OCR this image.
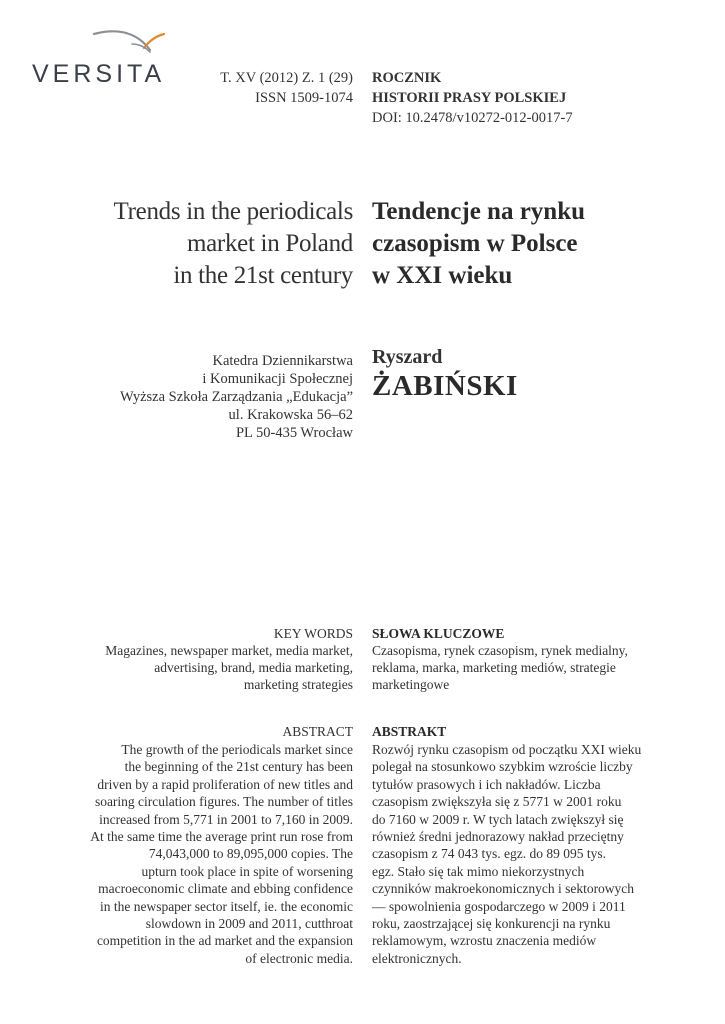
VERSITA	T. XV (2012) Z. 1 (29)
ISSN 1509-1074
ROCZNIK
HISTORII PRASY POLSKIEJ
DOI: 10.2478/v10272-012-0017-7
Trends in the periodicals
market in Poland
in the 21st century
Tendencje na rynku
czasopism w Polsce
w XXI wieku
Katedra Dziennikarstwa
i Komunikacji Społecznej
Wyższa Szkoła Zarządzania „Edukacja”
ul. Krakowska 56–62
PL 50-435 Wrocław
Ryszard
ŻABIŃSKI
KEY WORDS
Magazines, newspaper market, media market,
advertising, brand, media marketing,
marketing strategies
SŁOWA KLUCZOWE
Czasopisma, rynek czasopism, rynek medialny,
reklama, marka, marketing mediów, strategie
marketingowe
ABSTRACT
The growth of the periodicals market since
the beginning of the 21st century has been
driven by a rapid proliferation of new titles and
soaring circulation figures. The number of titles
increased from 5,771 in 2001 to 7,160 in 2009.
At the same time the average print run rose from
74,043,000 to 89,095,000 copies. The
upturn took place in spite of worsening
macroeconomic climate and ebbing confidence
in the newspaper sector itself, ie. the economic
slowdown in 2009 and 2011, cutthroat
competition in the ad market and the expansion
of electronic media.
ABSTRAKT
Rozwój rynku czasopism od początku XXI wieku
polegał na stosunkowo szybkim wzroście liczby
tytułów prasowych i ich nakładów. Liczba
czasopism zwiększyła się z 5771 w 2001 roku
do 7160 w 2009 r. W tych latach zwiększył się
również średni jednorazowy nakład przeciętny
czasopism z 74 043 tys. egz. do 89 095 tys.
egz. Stało się tak mimo niekorzystnych
czynników makroekonomicznych i sektorowych
— spowolnienia gospodarczego w 2009 i 2011
roku, zaostrzającej się konkurencji na rynku
reklamowym, wzrostu znaczenia mediów
elektronicznych.
